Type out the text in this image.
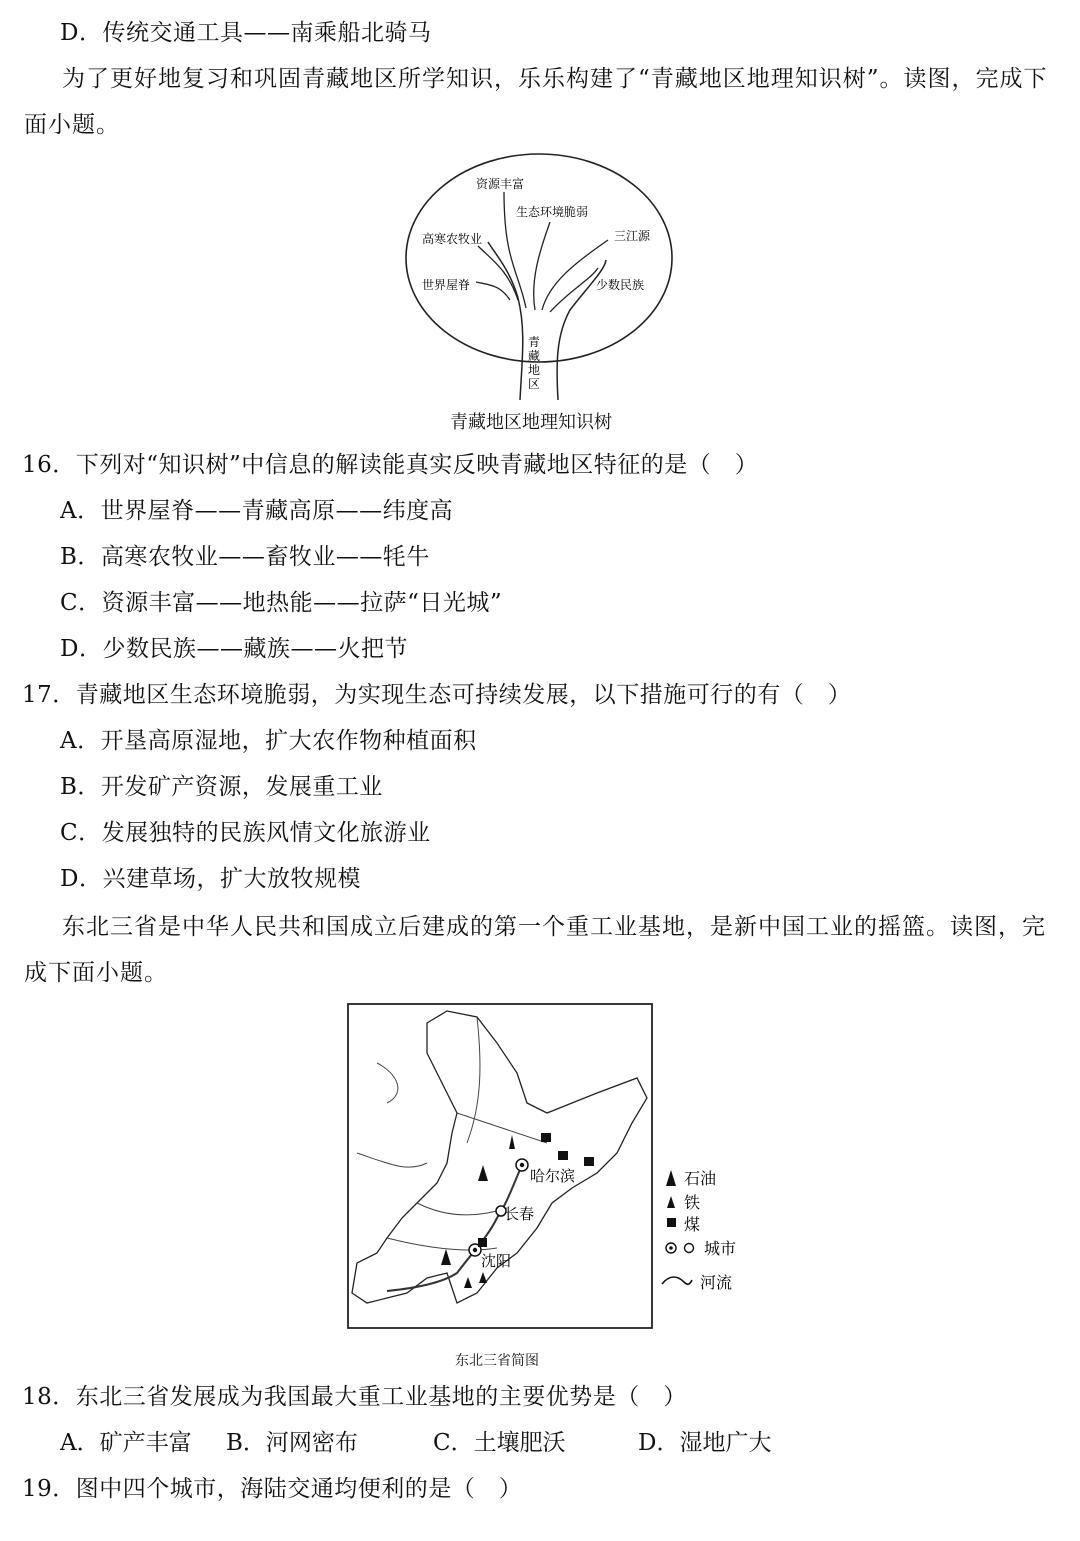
D．传统交通工具——南乘船北骑马
为了更好地复习和巩固青藏地区所学知识，乐乐构建了“青藏地区地理知识树”。读图，完成下面小题。
资源丰富
生态环境脆弱
高寒农牧业	三江源
世界屋脊	少数民族
青
藏
地
区
青藏地区地理知识树
16．下列对“知识树”中信息的解读能真实反映青藏地区特征的是（　）
A．世界屋脊——青藏高原——纬度高
B．高寒农牧业——畜牧业——牦牛
C．资源丰富——地热能——拉萨“日光城”
D．少数民族——藏族——火把节
17．青藏地区生态环境脆弱，为实现生态可持续发展，以下措施可行的有（　）
A．开垦高原湿地，扩大农作物种植面积
B．开发矿产资源，发展重工业
C．发展独特的民族风情文化旅游业
D．兴建草场，扩大放牧规模
东北三省是中华人民共和国成立后建成的第一个重工业基地，是新中国工业的摇篮。读图，完成下面小题。
哈尔滨
长春
沈阳
石油
铁
煤
城市
河流
东北三省简图
18．东北三省发展成为我国最大重工业基地的主要优势是（　）
A．矿产丰富 B．河网密布	C．土壤肥沃	D．湿地广大
19．图中四个城市，海陆交通均便利的是（　）
